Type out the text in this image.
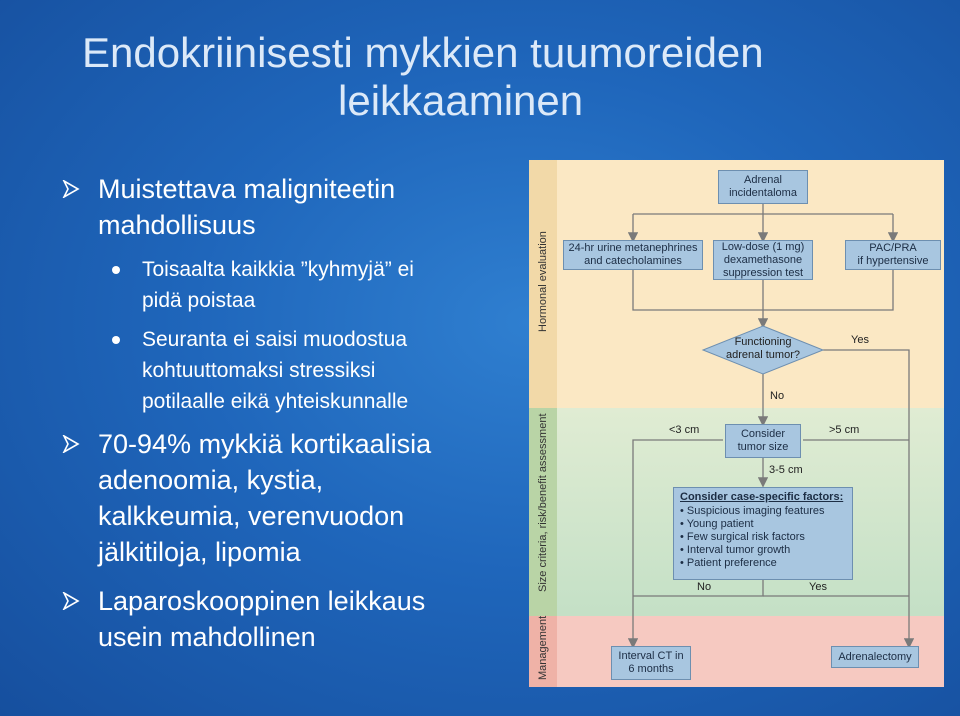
Endokriinisesti mykkien tuumoreiden
leikkaaminen
Muistettava maligniteetin
mahdollisuus
Toisaalta kaikkia ”kyhmyjä” ei
pidä poistaa
Seuranta ei saisi muodostua
kohtuuttomaksi stressiksi
potilaalle eikä yhteiskunnalle
70-94% mykkiä kortikaalisia
adenoomia, kystia,
kalkkeumia, verenvuodon
jälkitiloja, lipomia
Laparoskooppinen leikkaus
usein mahdollinen
Hormonal evaluation
Size criteria, risk/benefit assessment
Management
Adrenal
incidentaloma
24-hr urine metanephrines
and catecholamines
Low-dose (1 mg)
dexamethasone
suppression test
PAC/PRA
if hypertensive
Functioning
adrenal tumor?
Consider
tumor size
Consider case-specific factors:
• Suspicious imaging features
• Young patient
• Few surgical risk factors
• Interval tumor growth
• Patient preference
Interval CT in
6 months
Adrenalectomy
Yes
No
<3 cm	>5 cm
3-5 cm
No	Yes
